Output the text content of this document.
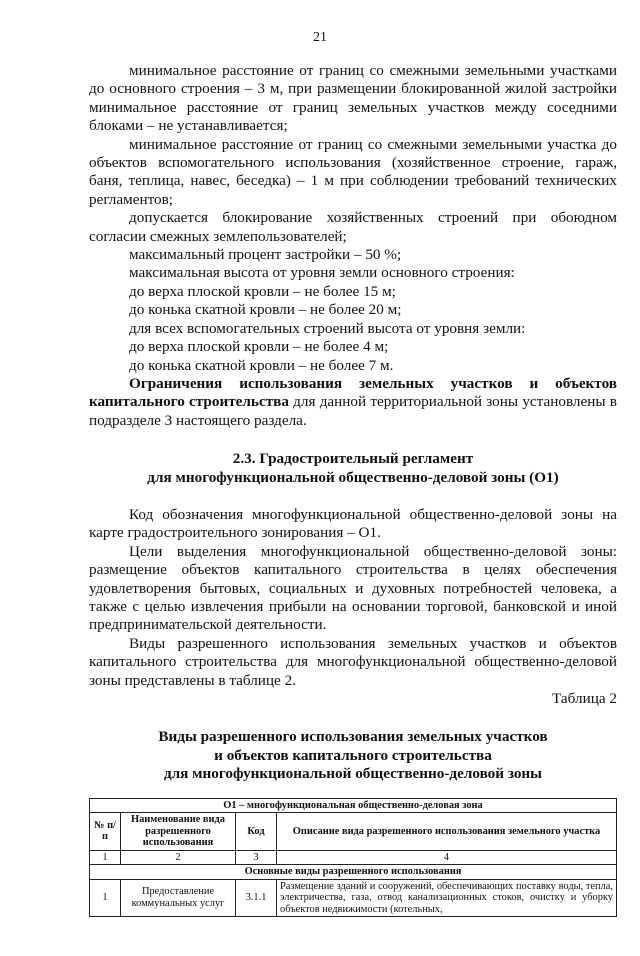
21

минимальное расстояние от границ со смежными земельными участками до основного строения – 3 м, при размещении блокированной жилой застройки минимальное расстояние от границ земельных участков между соседними блоками – не устанавливается;

минимальное расстояние от границ со смежными земельными участка до объектов вспомогательного использования (хозяйственное строение, гараж, баня, теплица, навес, беседка) – 1 м при соблюдении требований технических регламентов;

допускается блокирование хозяйственных строений при обоюдном согласии смежных землепользователей;

максимальный процент застройки – 50 %;

максимальная высота от уровня земли основного строения:

до верха плоской кровли – не более 15 м;

до конька скатной кровли – не более 20 м;

для всех вспомогательных строений высота от уровня земли:

до верха плоской кровли – не более 4 м;

до конька скатной кровли – не более 7 м.

Ограничения использования земельных участков и объектов капитального строительства для данной территориальной зоны установлены в подразделе 3 настоящего раздела.

2.3. Градостроительный регламент

для многофункциональной общественно-деловой зоны (О1)

Код обозначения многофункциональной общественно-деловой зоны на карте градостроительного зонирования – О1.

Цели выделения многофункциональной общественно-деловой зоны: размещение объектов капитального строительства в целях обеспечения удовлетворения бытовых, социальных и духовных потребностей человека, а также с целью извлечения прибыли на основании торговой, банковской и иной предпринимательской деятельности.

Виды разрешенного использования земельных участков и объектов капитального строительства для многофункциональной общественно-деловой зоны представлены в таблице 2.

Таблица 2

Виды разрешенного использования земельных участков

и объектов капитального строительства

для многофункциональной общественно-деловой зоны

О1 – многофункциональная общественно-деловая зона			
№ п/п	Наименование вида разрешенного использования	Код	Описание вида разрешенного использования земельного участка
1	2	3	4
Основные виды разрешенного использования			
1	Предоставление коммунальных услуг	3.1.1	Размещение зданий и сооружений, обеспечивающих поставку воды, тепла, электричества, газа, отвод канализационных стоков, очистку и уборку объектов недвижимости (котельных,
